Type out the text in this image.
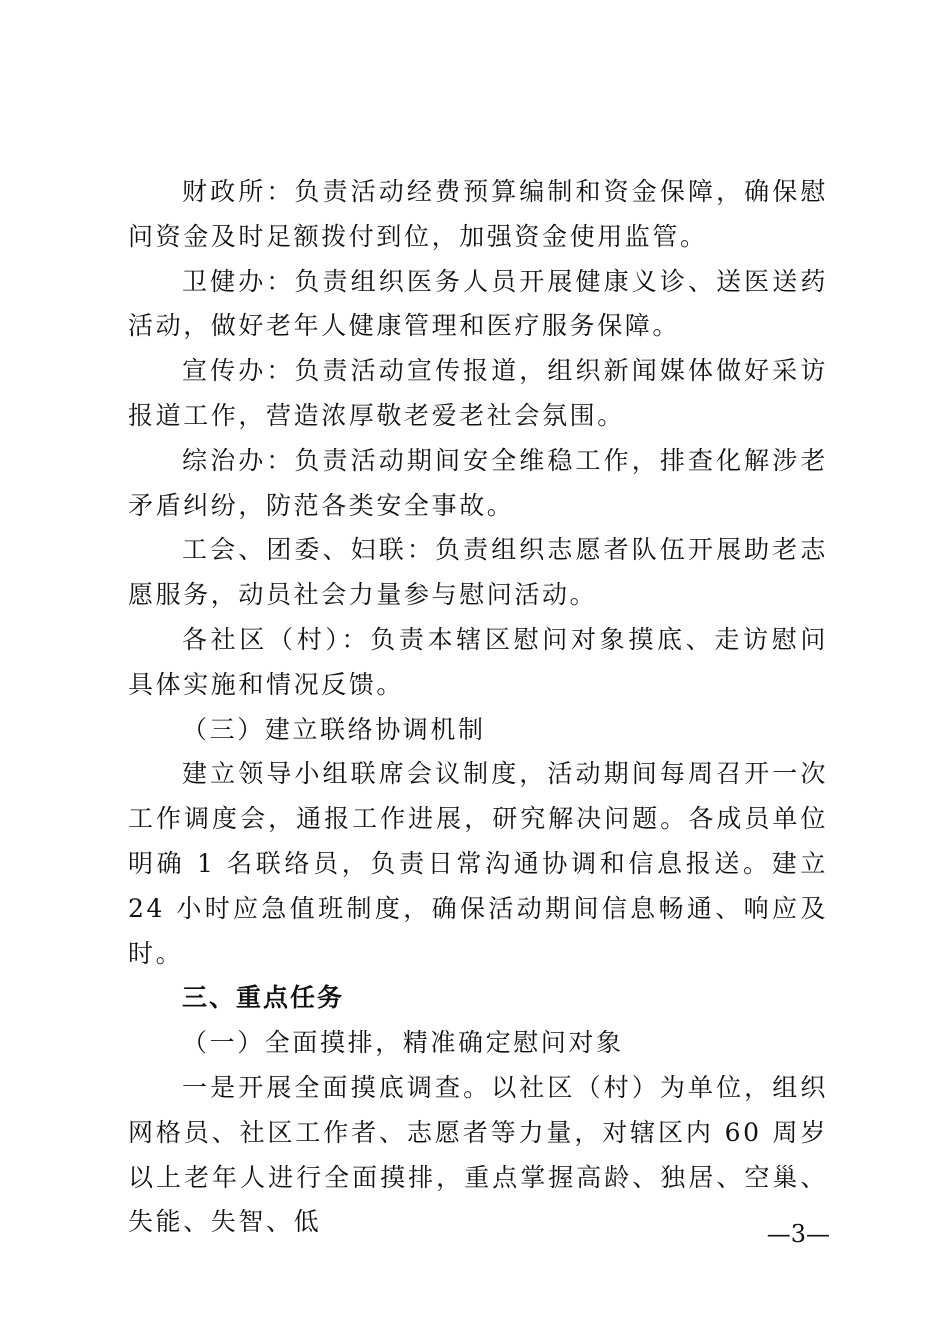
财政所：负责活动经费预算编制和资金保障，确保慰问资金及时足额拨付到位，加强资金使用监管。

卫健办：负责组织医务人员开展健康义诊、送医送药活动，做好老年人健康管理和医疗服务保障。

宣传办：负责活动宣传报道，组织新闻媒体做好采访报道工作，营造浓厚敬老爱老社会氛围。

综治办：负责活动期间安全维稳工作，排查化解涉老矛盾纠纷，防范各类安全事故。

工会、团委、妇联：负责组织志愿者队伍开展助老志愿服务，动员社会力量参与慰问活动。

各社区（村）：负责本辖区慰问对象摸底、走访慰问具体实施和情况反馈。

（三）建立联络协调机制

建立领导小组联席会议制度，活动期间每周召开一次工作调度会，通报工作进展，研究解决问题。各成员单位明确 1 名联络员，负责日常沟通协调和信息报送。建立 24 小时应急值班制度，确保活动期间信息畅通、响应及时。

三、重点任务

（一）全面摸排，精准确定慰问对象

一是开展全面摸底调查。以社区（村）为单位，组织网格员、社区工作者、志愿者等力量，对辖区内 60 周岁以上老年人进行全面摸排，重点掌握高龄、独居、空巢、失能、失智、低	—3—
